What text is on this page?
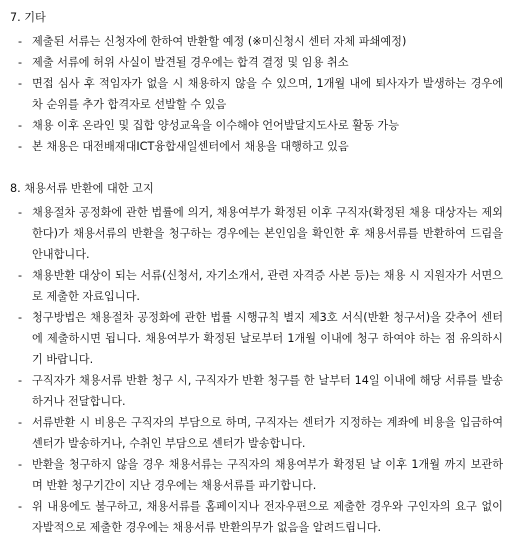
7. 기타
- 제출된 서류는 신청자에 한하여 반환할 예정 (※미신청시 센터 자체 파쇄예정)
- 제출 서류에 허위 사실이 발견될 경우에는 합격 결정 및 임용 취소
- 면접 심사 후 적임자가 없을 시 채용하지 않을 수 있으며, 1개월 내에 퇴사자가 발생하는 경우에 차 순위를 추가 합격자로 선발할 수 있음
- 채용 이후 온라인 및 집합 양성교육을 이수해야 언어발달지도사로 활동 가능
- 본 채용은 대전배재대ICT융합새일센터에서 채용을 대행하고 있음
8. 채용서류 반환에 대한 고지
- 채용절차 공정화에 관한 법률에 의거, 채용여부가 확정된 이후 구직자(확정된 채용 대상자는 제외한다)가 채용서류의 반환을 청구하는 경우에는 본인임을 확인한 후 채용서류를 반환하여 드림을 안내합니다.
- 채용반환 대상이 되는 서류(신청서, 자기소개서, 관련 자격증 사본 등)는 채용 시 지원자가 서면으로 제출한 자료입니다.
- 청구방법은 채용절차 공정화에 관한 법률 시행규칙 별지 제3호 서식(반환 청구서)을 갖추어 센터에 제출하시면 됩니다. 채용여부가 확정된 날로부터 1개월 이내에 청구 하여야 하는 점 유의하시기 바랍니다.
- 구직자가 채용서류 반환 청구 시, 구직자가 반환 청구를 한 날부터 14일 이내에 해당 서류를 발송하거나 전달합니다.
- 서류반환 시 비용은 구직자의 부담으로 하며, 구직자는 센터가 지정하는 계좌에 비용을 입금하여 센터가 발송하거나, 수취인 부담으로 센터가 발송합니다.
- 반환을 청구하지 않을 경우 채용서류는 구직자의 채용여부가 확정된 날 이후 1개월 까지 보관하며 반환 청구기간이 지난 경우에는 채용서류를 파기합니다.
- 위 내용에도 불구하고, 채용서류를 홈페이지나 전자우편으로 제출한 경우와 구인자의 요구 없이 자발적으로 제출한 경우에는 채용서류 반환의무가 없음을 알려드립니다.
